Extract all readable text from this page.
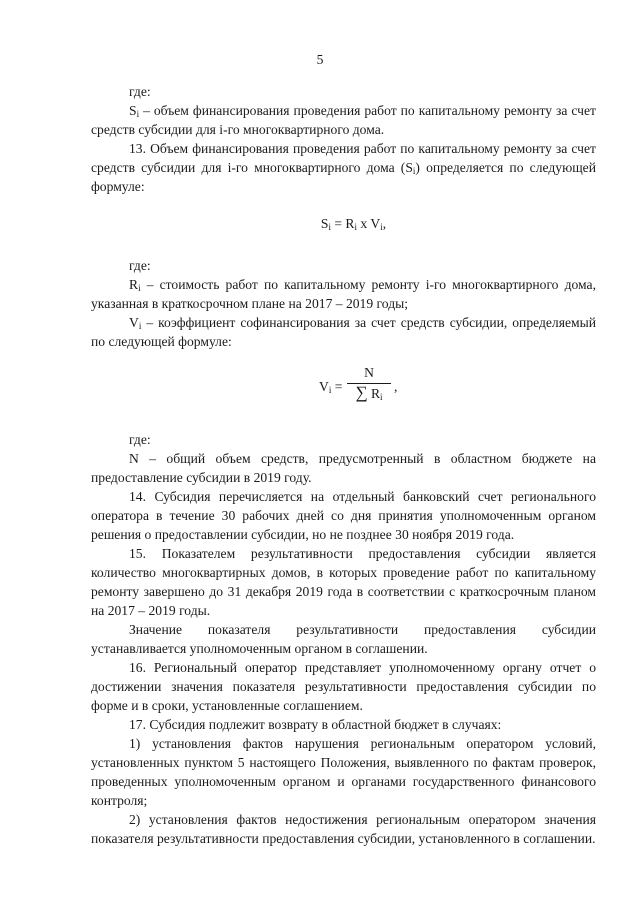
5

где:

$S_i$ – объем финансирования проведения работ по капитальному ремонту за счет средств субсидии для i-го многоквартирного дома.

13. Объем финансирования проведения работ по капитальному ремонту за счет средств субсидии для i-го многоквартирного дома $(S_i)$ определяется по следующей формуле:

$S_i = R_i$ x $V_i$,

где:

$R_i$ – стоимость работ по капитальному ремонту i-го многоквартирного дома, указанная в краткосрочном плане на 2017 – 2019 годы;

$V_i$ – коэффициент софинансирования за счет средств субсидии, определяемый по следующей формуле:

$V_i$ =
N
∑ $R_i$
,

где:

N – общий объем средств, предусмотренный в областном бюджете на предоставление субсидии в 2019 году.

14. Субсидия перечисляется на отдельный банковский счет регионального оператора в течение 30 рабочих дней со дня принятия уполномоченным органом решения о предоставлении субсидии, но не позднее 30 ноября 2019 года.

15. Показателем результативности предоставления субсидии является количество многоквартирных домов, в которых проведение работ по капитальному ремонту завершено до 31 декабря 2019 года в соответствии с краткосрочным планом на 2017 – 2019 годы.

Значение показателя результативности предоставления субсидии устанавливается уполномоченным органом в соглашении.

16. Региональный оператор представляет уполномоченному органу отчет о достижении значения показателя результативности предоставления субсидии по форме и в сроки, установленные соглашением.

17. Субсидия подлежит возврату в областной бюджет в случаях:

1) установления фактов нарушения региональным оператором условий, установленных пунктом 5 настоящего Положения, выявленного по фактам проверок, проведенных уполномоченным органом и органами государственного финансового контроля;

2) установления фактов недостижения региональным оператором значения показателя результативности предоставления субсидии, установленного в соглашении.
